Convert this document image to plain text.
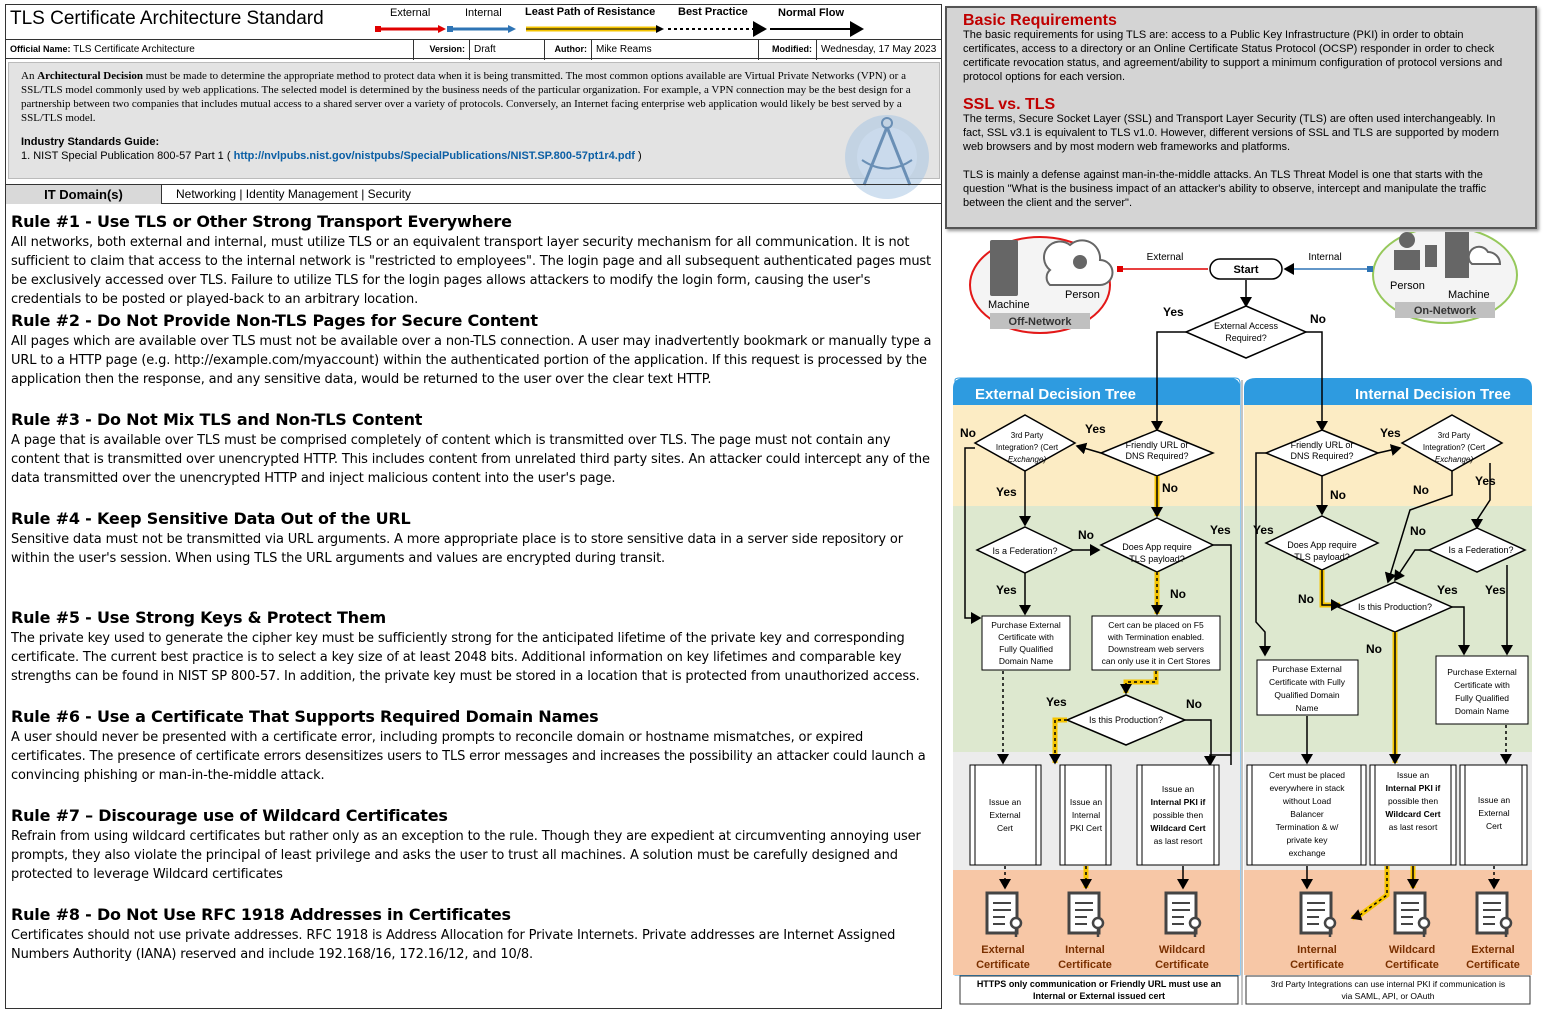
TLS Certificate Architecture Standard	External	Internal Least Path of Resistance Best Practice	Normal Flow
Official Name: TLS Certificate Architecture	Version: Draft	Author: Mike Reams	Modified: Wednesday, 17 May 2023
An Architectural Decision must be made to determine the appropriate method to protect data when it is being transmitted. The most common options available are Virtual Private Networks (VPN) or a SSL/TLS model commonly used by web applications. The selected model is determined by the business needs of the particular organization. For example, a VPN connection may be the best design for a partnership between two companies that includes mutual access to a shared server over a variety of protocols. Conversely, an Internet facing enterprise web application would likely be best served by a SSL/TLS model.
Industry Standards Guide:
1. NIST Special Publication 800-57 Part 1 ( http://nvlpubs.nist.gov/nistpubs/SpecialPublications/NIST.SP.800-57pt1r4.pdf )
IT Domain(s)	Networking | Identity Management | Security
Rule #1 - Use TLS or Other Strong Transport Everywhere

All networks, both external and internal, must utilize TLS or an equivalent transport layer security mechanism for all communication. It is not sufficient to claim that access to the internal network is "restricted to employees". The login page and all subsequent authenticated pages must be exclusively accessed over TLS. Failure to utilize TLS for the login pages allows attackers to modify the login form, causing the user's credentials to be posted or played-back to an arbitrary location.

Rule #2 - Do Not Provide Non-TLS Pages for Secure Content

All pages which are available over TLS must not be available over a non-TLS connection. A user may inadvertently bookmark or manually type a URL to a HTTP page (e.g. http://example.com/myaccount) within the authenticated portion of the application. If this request is processed by the application then the response, and any sensitive data, would be returned to the user over the clear text HTTP.

Rule #3 - Do Not Mix TLS and Non-TLS Content

A page that is available over TLS must be comprised completely of content which is transmitted over TLS. The page must not contain any content that is transmitted over unencrypted HTTP. This includes content from unrelated third party sites. An attacker could intercept any of the data transmitted over the unencrypted HTTP and inject malicious content into the user's page.

Rule #4 - Keep Sensitive Data Out of the URL

Sensitive data must not be transmitted via URL arguments. A more appropriate place is to store sensitive data in a server side repository or within the user's session. When using TLS the URL arguments and values are encrypted during transit.

Rule #5 - Use Strong Keys & Protect Them

The private key used to generate the cipher key must be sufficiently strong for the anticipated lifetime of the private key and corresponding certificate. The current best practice is to select a key size of at least 2048 bits. Additional information on key lifetimes and comparable key strengths can be found in NIST SP 800-57. In addition, the private key must be stored in a location that is protected from unauthorized access.

Rule #6 - Use a Certificate That Supports Required Domain Names

A user should never be presented with a certificate error, including prompts to reconcile domain or hostname mismatches, or expired certificates. The presence of certificate errors desensitizes users to TLS error messages and increases the possibility an attacker could launch a convincing phishing or man-in-the-middle attack.

Rule #7 – Discourage use of Wildcard Certificates

Refrain from using wildcard certificates but rather only as an exception to the rule. Though they are expedient at circumventing annoying user prompts, they also violate the principal of least privilege and asks the user to trust all machines. A solution must be carefully designed and protected to leverage Wildcard certificates

Rule #8 - Do Not Use RFC 1918 Addresses in Certificates

Certificates should not use private addresses. RFC 1918 is Address Allocation for Private Internets. Private addresses are Internet Assigned Numbers Authority (IANA) reserved and include 192.168/16, 172.16/12, and 10/8.

Basic Requirements

The basic requirements for using TLS are: access to a Public Key Infrastructure (PKI) in order to obtain certificates, access to a directory or an Online Certificate Status Protocol (OCSP) responder in order to check certificate revocation status, and agreement/ability to support a minimum configuration of protocol versions and protocol options for each version.

SSL vs. TLS

The terms, Secure Socket Layer (SSL) and Transport Layer Security (TLS) are often used interchangeably. In fact, SSL v3.1 is equivalent to TLS v1.0. However, different versions of SSL and TLS are supported by modern web browsers and by most modern web frameworks and platforms.

TLS is mainly a defense against man-in-the-middle attacks. An TLS Threat Model is one that starts with the question "What is the business impact of an attacker's ability to observe, intercept and manipulate the traffic between the client and the server".

External Decision Tree	Internal Decision Tree
HTTPS only communication or Friendly URL must use an
Internal or External issued cert
3rd Party Integrations can use internal PKI if communication is
via SAML, API, or OAuth
Machine
Person
Off-Network
Person
Machine
On-Network
External	Internal
Start
External Access
Required?
Yes	No
3rd Party
Integration? (Cert
Exchange)
Friendly URL or
DNS Required?
Yes
No
Yes	No
Is a Federation?
No
Yes
Does App require
TLS payload?
Yes
No
Purchase External
Certificate with
Fully Qualified
Domain Name
Cert can be placed on F5
with Termination enabled.
Downstream web servers
can only use it in Cert Stores
Is this Production?
Yes	No
Issue an
External
Cert
Issue an
Internal
PKI Cert
Issue an
Internal PKI if
possible then
Wildcard Cert
as last resort
External
Certificate
Internal
Certificate
Wildcard
Certificate
Friendly URL or
DNS Required?
Yes
No
3rd Party
Integration? (Cert
Exchange)
No
Yes
Does App require
TLS payload?
Yes
No
Is a Federation?
No
Yes
Is this Production?
Yes
No
Purchase External
Certificate with Fully
Qualified Domain
Name
Purchase External
Certificate with
Fully Qualified
Domain Name
Cert must be placed
everywhere in stack
without Load
Balancer
Termination & w/
private key
exchange
Issue an
Internal PKI if
possible then
Wildcard Cert
as last resort
Issue an
External
Cert
Internal
Certificate
Wildcard
Certificate
External
Certificate
